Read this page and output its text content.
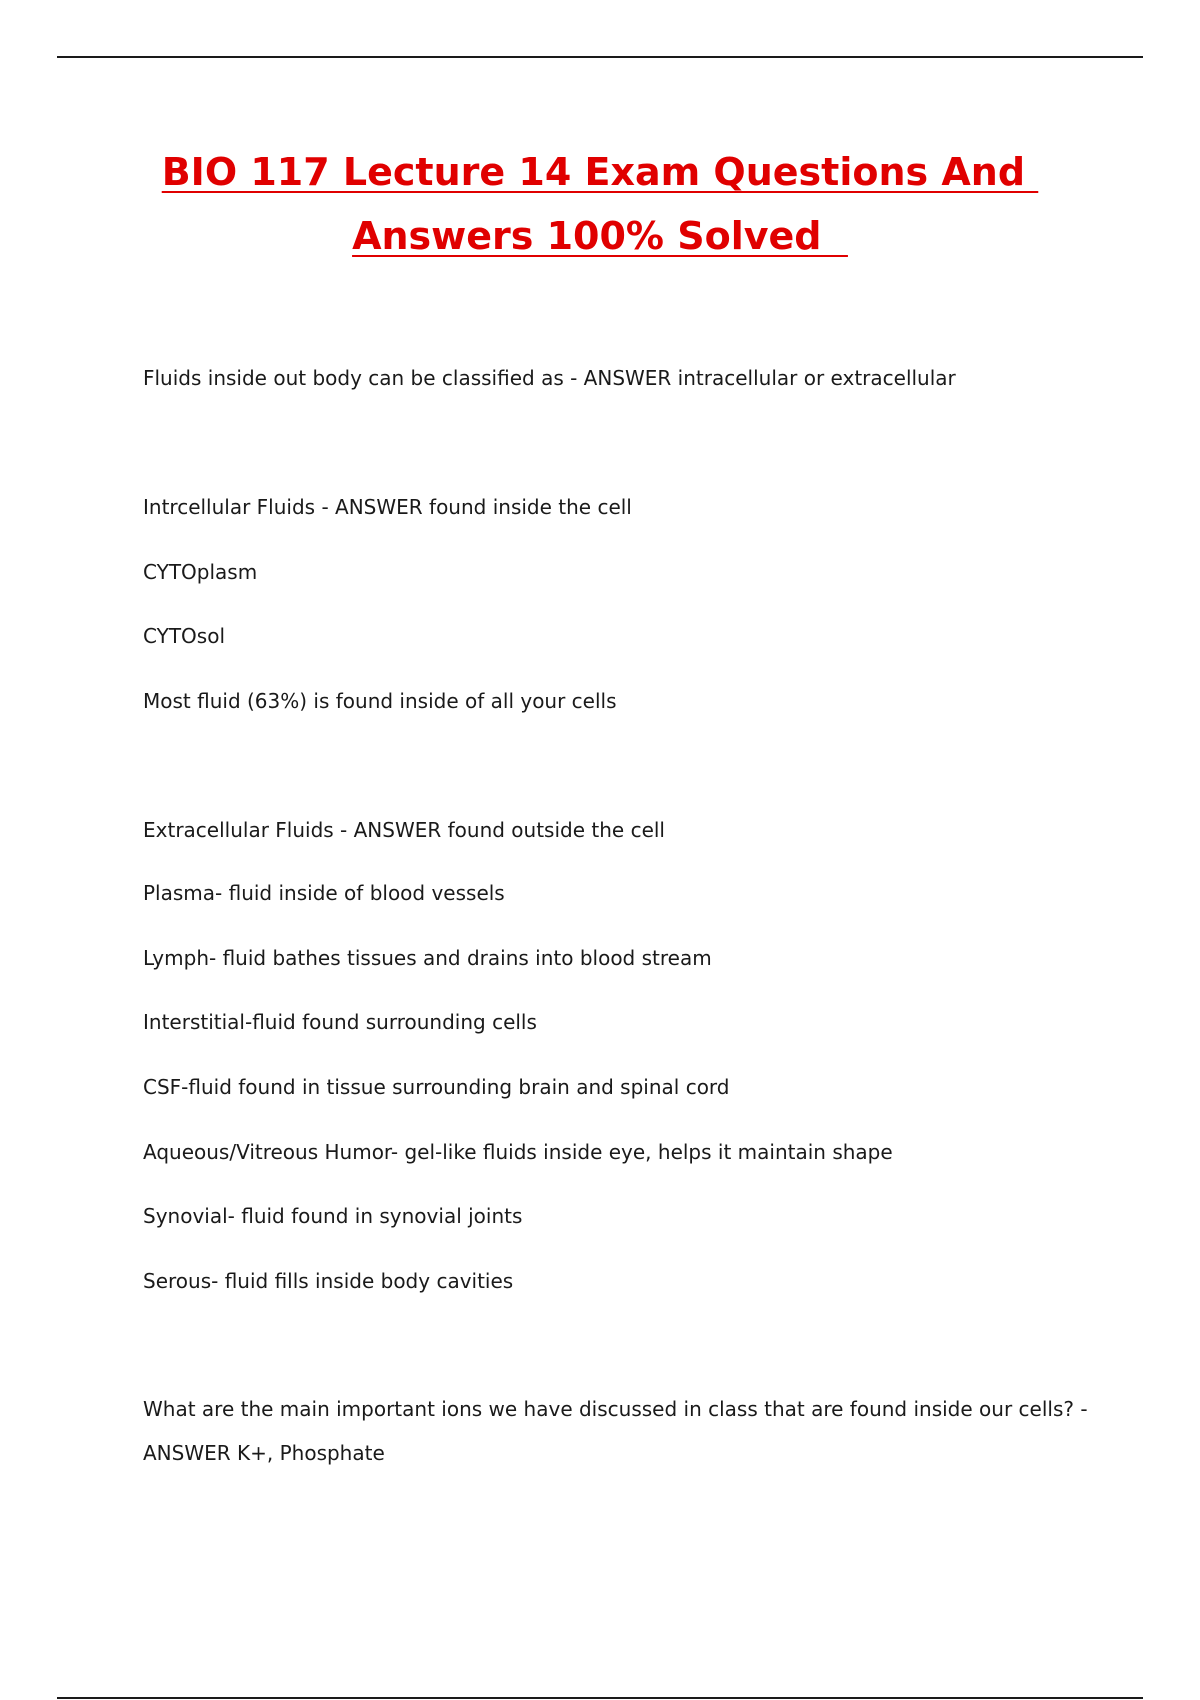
BIO 117 Lecture 14 Exam Questions And
Answers 100% Solved
Fluids inside out body can be classified as - ANSWER intracellular or extracellular
Intrcellular Fluids - ANSWER found inside the cell
CYTOplasm
CYTOsol
Most fluid (63%) is found inside of all your cells
Extracellular Fluids - ANSWER found outside the cell
Plasma- fluid inside of blood vessels
Lymph- fluid bathes tissues and drains into blood stream
Interstitial-fluid found surrounding cells
CSF-fluid found in tissue surrounding brain and spinal cord
Aqueous/Vitreous Humor- gel-like fluids inside eye, helps it maintain shape
Synovial- fluid found in synovial joints
Serous- fluid fills inside body cavities
What are the main important ions we have discussed in class that are found inside our cells? -
ANSWER K+, Phosphate
